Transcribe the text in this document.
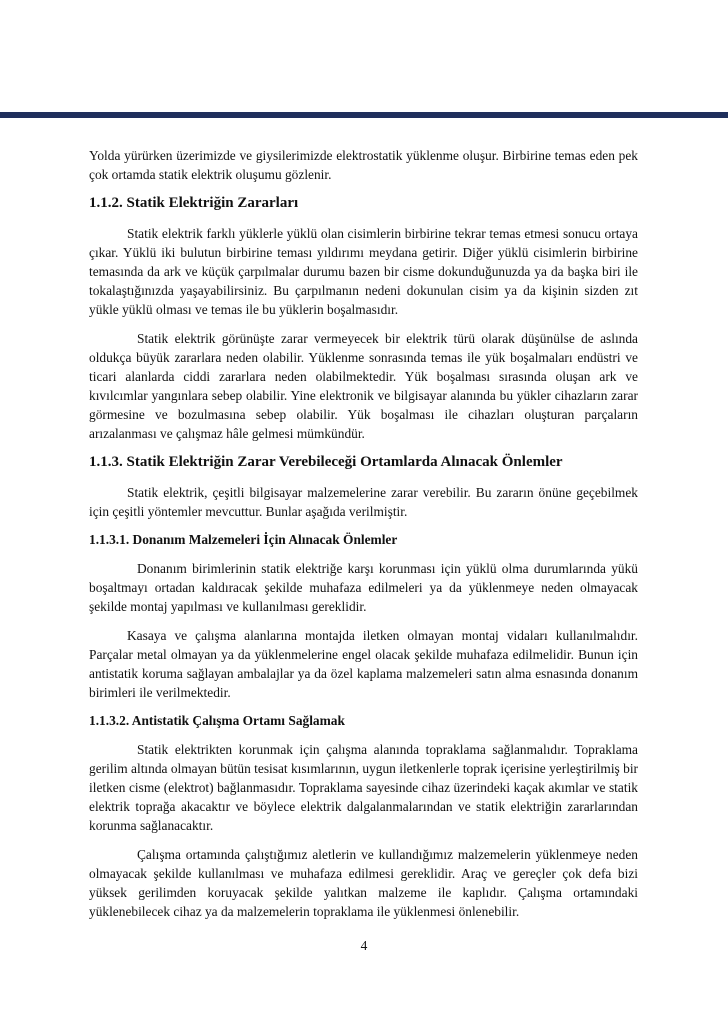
Yolda yürürken üzerimizde ve giysilerimizde elektrostatik yüklenme oluşur. Birbirine temas eden pek çok ortamda statik elektrik oluşumu gözlenir.

1.1.2. Statik Elektriğin Zararları

Statik elektrik farklı yüklerle yüklü olan cisimlerin birbirine tekrar temas etmesi sonucu ortaya çıkar. Yüklü iki bulutun birbirine teması yıldırımı meydana getirir. Diğer yüklü cisimlerin birbirine temasında da ark ve küçük çarpılmalar durumu bazen bir cisme dokunduğunuzda ya da başka biri ile tokalaştığınızda yaşayabilirsiniz. Bu çarpılmanın nedeni dokunulan cisim ya da kişinin sizden zıt yükle yüklü olması ve temas ile bu yüklerin boşalmasıdır.

Statik elektrik görünüşte zarar vermeyecek bir elektrik türü olarak düşünülse de aslında oldukça büyük zararlara neden olabilir. Yüklenme sonrasında temas ile yük boşalmaları endüstri ve ticari alanlarda ciddi zararlara neden olabilmektedir. Yük boşalması sırasında oluşan ark ve kıvılcımlar yangınlara sebep olabilir. Yine elektronik ve bilgisayar alanında bu yükler cihazların zarar görmesine ve bozulmasına sebep olabilir. Yük boşalması ile cihazları oluşturan parçaların arızalanması ve çalışmaz hâle gelmesi mümkündür.

1.1.3. Statik Elektriğin Zarar Verebileceği Ortamlarda Alınacak Önlemler

Statik elektrik, çeşitli bilgisayar malzemelerine zarar verebilir. Bu zararın önüne geçebilmek için çeşitli yöntemler mevcuttur. Bunlar aşağıda verilmiştir.

1.1.3.1. Donanım Malzemeleri İçin Alınacak Önlemler

Donanım birimlerinin statik elektriğe karşı korunması için yüklü olma durumlarında yükü boşaltmayı ortadan kaldıracak şekilde muhafaza edilmeleri ya da yüklenmeye neden olmayacak şekilde montaj yapılması ve kullanılması gereklidir.

Kasaya ve çalışma alanlarına montajda iletken olmayan montaj vidaları kullanılmalıdır. Parçalar metal olmayan ya da yüklenmelerine engel olacak şekilde muhafaza edilmelidir. Bunun için antistatik koruma sağlayan ambalajlar ya da özel kaplama malzemeleri satın alma esnasında donanım birimleri ile verilmektedir.

1.1.3.2. Antistatik Çalışma Ortamı Sağlamak

Statik elektrikten korunmak için çalışma alanında topraklama sağlanmalıdır. Topraklama gerilim altında olmayan bütün tesisat kısımlarının, uygun iletkenlerle toprak içerisine yerleştirilmiş bir iletken cisme (elektrot) bağlanmasıdır. Topraklama sayesinde cihaz üzerindeki kaçak akımlar ve statik elektrik toprağa akacaktır ve böylece elektrik dalgalanmalarından ve statik elektriğin zararlarından korunma sağlanacaktır.

Çalışma ortamında çalıştığımız aletlerin ve kullandığımız malzemelerin yüklenmeye neden olmayacak şekilde kullanılması ve muhafaza edilmesi gereklidir. Araç ve gereçler çok defa bizi yüksek gerilimden koruyacak şekilde yalıtkan malzeme ile kaplıdır. Çalışma ortamındaki yüklenebilecek cihaz ya da malzemelerin topraklama ile yüklenmesi önlenebilir.

4
